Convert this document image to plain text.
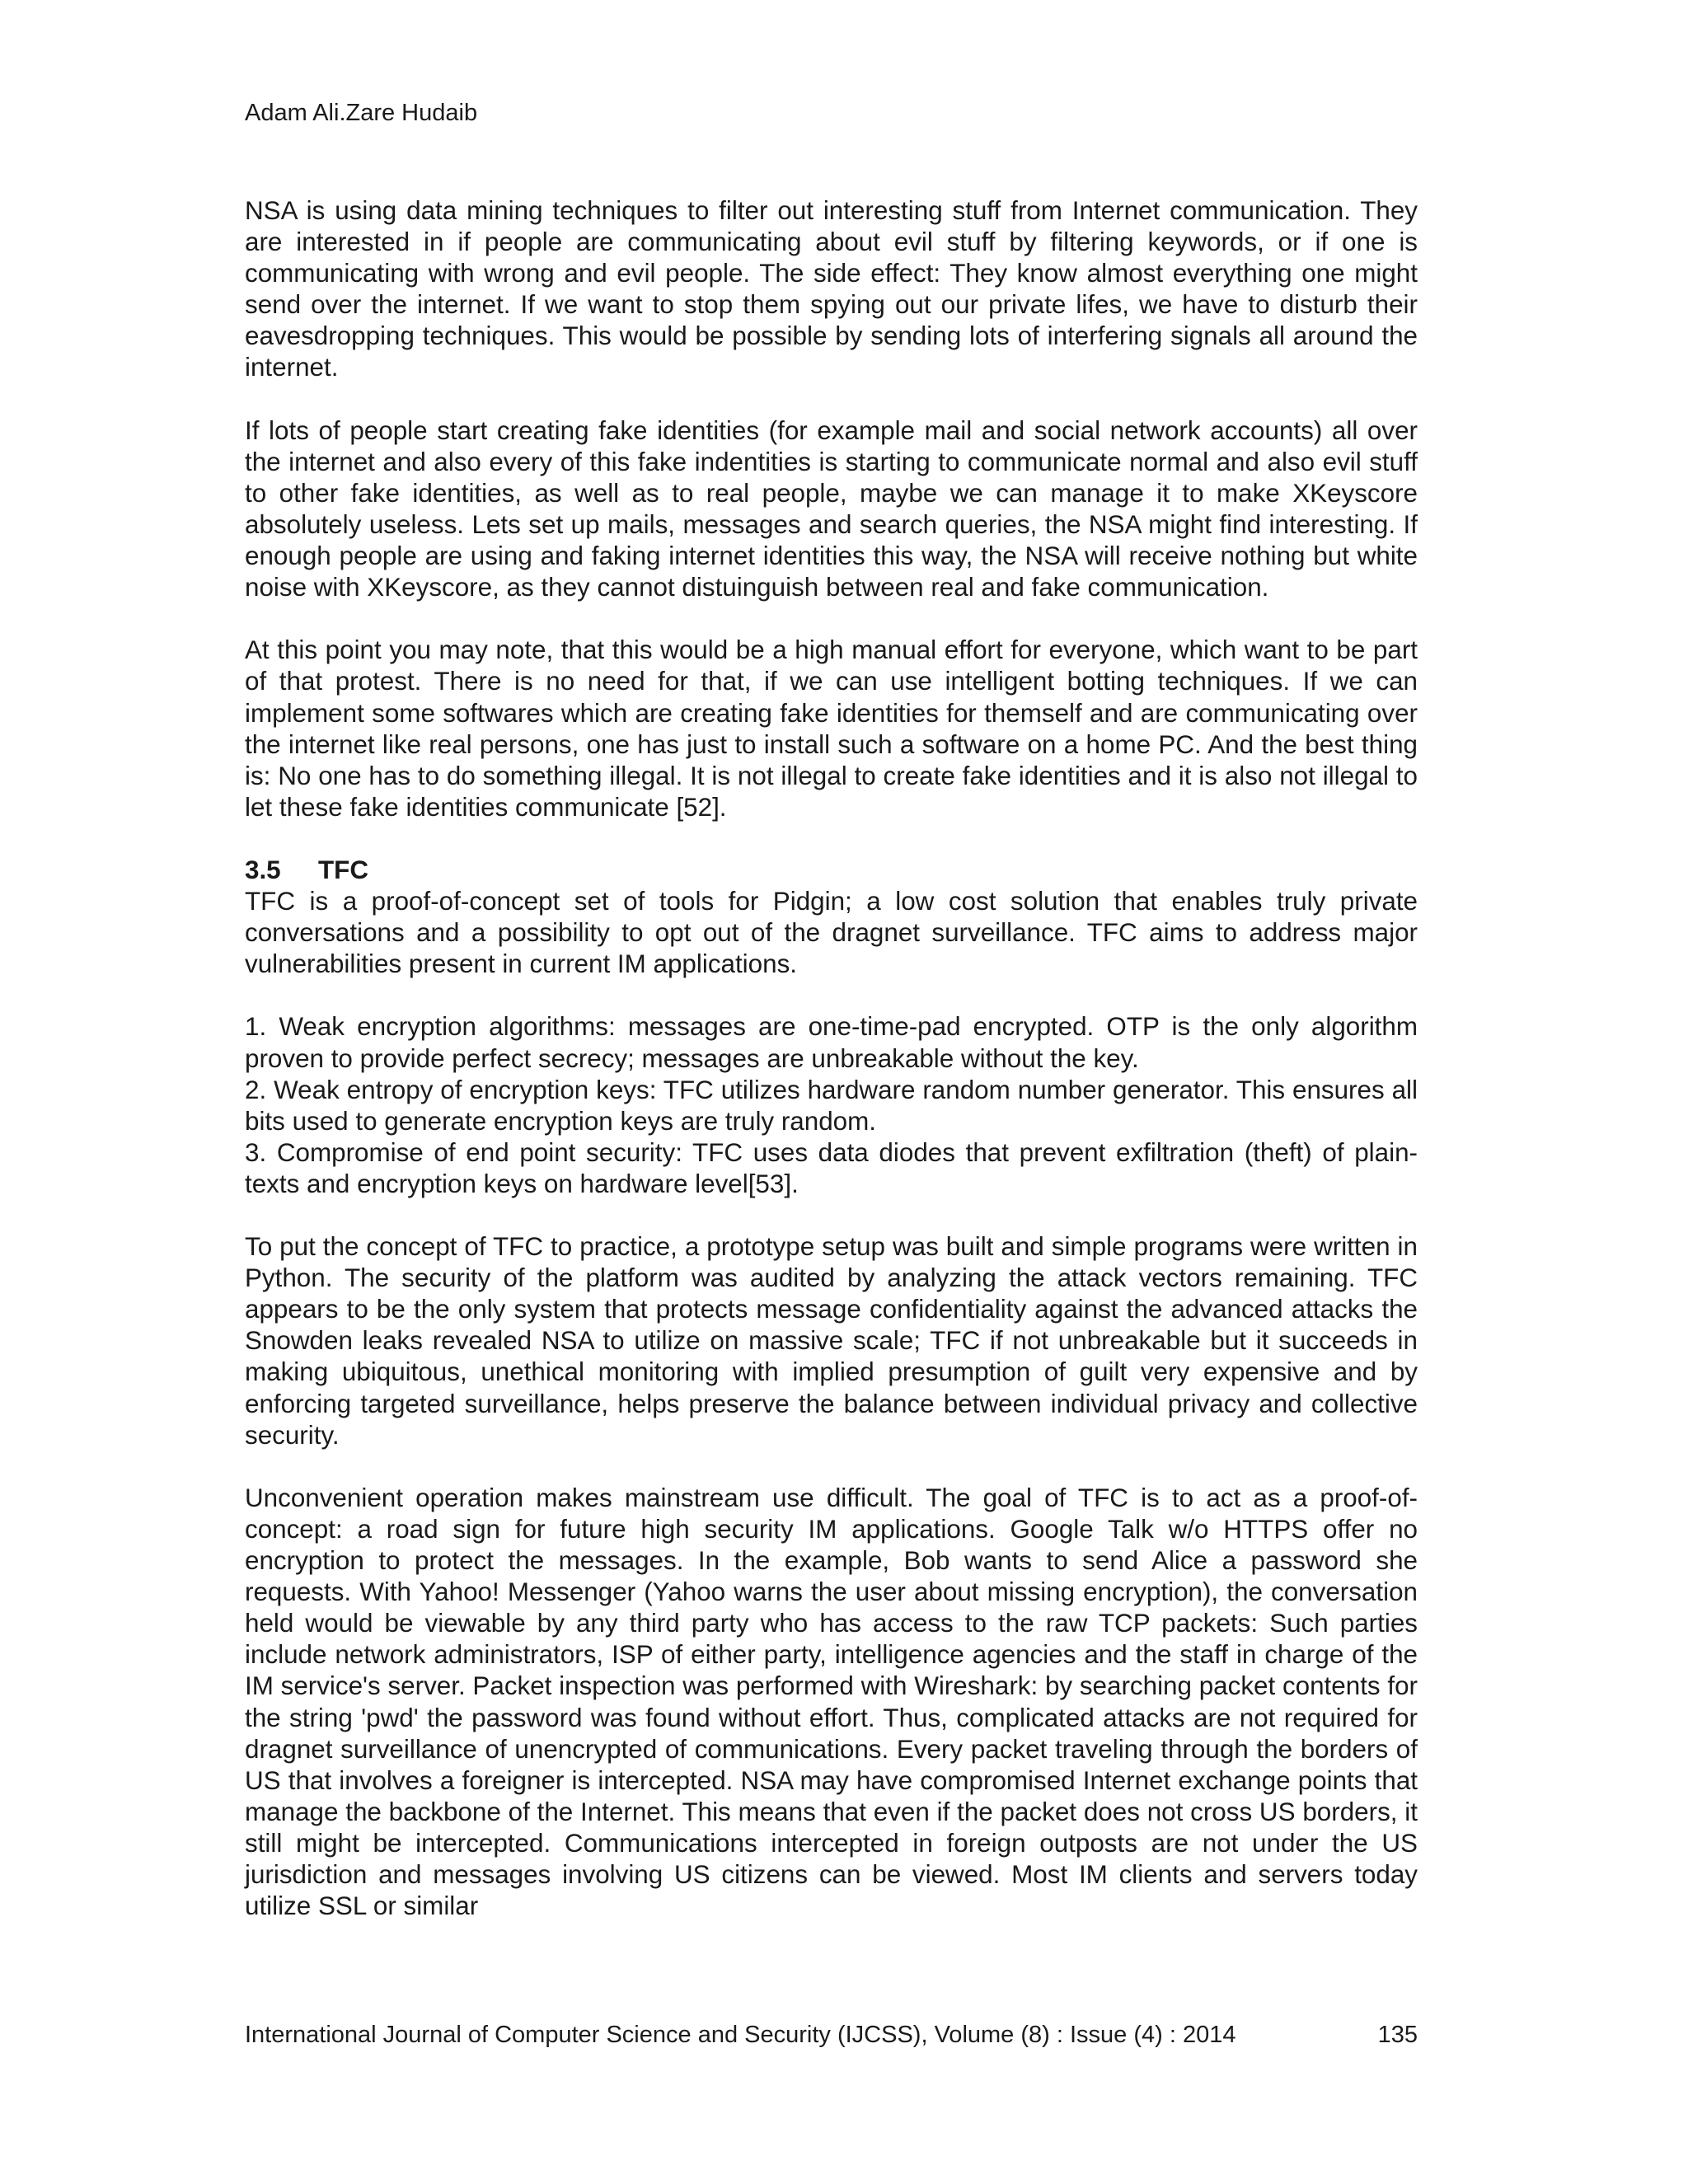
Adam Ali.Zare Hudaib

NSA is using data mining techniques to filter out interesting stuff from Internet communication. They are interested in if people are communicating about evil stuff by filtering keywords, or if one is communicating with wrong and evil people. The side effect: They know almost everything one might send over the internet. If we want to stop them spying out our private lifes, we have to disturb their eavesdropping techniques. This would be possible by sending lots of interfering signals all around the internet.

If lots of people start creating fake identities (for example mail and social network accounts) all over the internet and also every of this fake indentities is starting to communicate normal and also evil stuff to other fake identities, as well as to real people, maybe we can manage it to make XKeyscore absolutely useless. Lets set up mails, messages and search queries, the NSA might find interesting. If enough people are using and faking internet identities this way, the NSA will receive nothing but white noise with XKeyscore, as they cannot distuinguish between real and fake communication.

At this point you may note, that this would be a high manual effort for everyone, which want to be part of that protest. There is no need for that, if we can use intelligent botting techniques. If we can implement some softwares which are creating fake identities for themself and are communicating over the internet like real persons, one has just to install such a software on a home PC. And the best thing is: No one has to do something illegal. It is not illegal to create fake identities and it is also not illegal to let these fake identities communicate [52].

3.5 TFC

TFC is a proof-of-concept set of tools for Pidgin; a low cost solution that enables truly private conversations and a possibility to opt out of the dragnet surveillance. TFC aims to address major vulnerabilities present in current IM applications.

1. Weak encryption algorithms: messages are one-time-pad encrypted. OTP is the only algorithm proven to provide perfect secrecy; messages are unbreakable without the key.

2. Weak entropy of encryption keys: TFC utilizes hardware random number generator. This ensures all bits used to generate encryption keys are truly random.

3. Compromise of end point security: TFC uses data diodes that prevent exfiltration (theft) of plain-texts and encryption keys on hardware level[53].

To put the concept of TFC to practice, a prototype setup was built and simple programs were written in Python. The security of the platform was audited by analyzing the attack vectors remaining. TFC appears to be the only system that protects message confidentiality against the advanced attacks the Snowden leaks revealed NSA to utilize on massive scale; TFC if not unbreakable but it succeeds in making ubiquitous, unethical monitoring with implied presumption of guilt very expensive and by enforcing targeted surveillance, helps preserve the balance between individual privacy and collective security.

Unconvenient operation makes mainstream use difficult. The goal of TFC is to act as a proof-of-concept: a road sign for future high security IM applications. Google Talk w/o HTTPS offer no encryption to protect the messages. In the example, Bob wants to send Alice a password she requests. With Yahoo! Messenger (Yahoo warns the user about missing encryption), the conversation held would be viewable by any third party who has access to the raw TCP packets: Such parties include network administrators, ISP of either party, intelligence agencies and the staff in charge of the IM service's server. Packet inspection was performed with Wireshark: by searching packet contents for the string 'pwd' the password was found without effort. Thus, complicated attacks are not required for dragnet surveillance of unencrypted of communications. Every packet traveling through the borders of US that involves a foreigner is intercepted. NSA may have compromised Internet exchange points that manage the backbone of the Internet. This means that even if the packet does not cross US borders, it still might be intercepted. Communications intercepted in foreign outposts are not under the US jurisdiction and messages involving US citizens can be viewed. Most IM clients and servers today utilize SSL or similar

International Journal of Computer Science and Security (IJCSS), Volume (8) : Issue (4) : 2014	135
